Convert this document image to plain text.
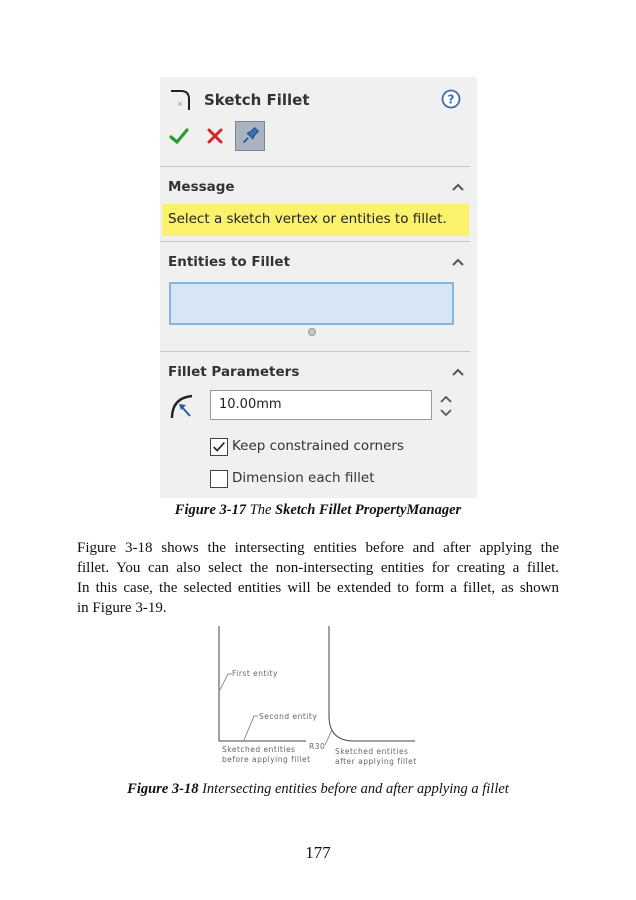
× Sketch Fillet	?
Message
Select a sketch vertex or entities to fillet.
Entities to Fillet
Fillet Parameters
10.00mm
Keep constrained corners
Dimension each fillet
Figure 3-17 The Sketch Fillet PropertyManager
Figure 3-18 shows the intersecting entities before and after applying the
fillet. You can also select the non-intersecting entities for creating a fillet.
In this case, the selected entities will be extended to form a fillet, as shown
in Figure 3-19.
First entity
Second entity
Sketched entities
before applying fillet
R30
Sketched entities
after applying fillet
Figure 3-18 Intersecting entities before and after applying a fillet
177
